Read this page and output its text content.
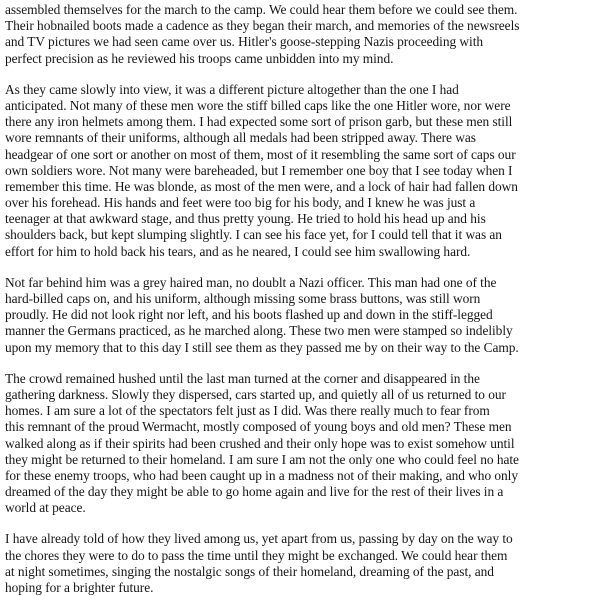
assembled themselves for the march to the camp. We could hear them before we could see them.
Their hobnailed boots made a cadence as they began their march, and memories of the newsreels
and TV pictures we had seen came over us. Hitler's goose-stepping Nazis proceeding with
perfect precision as he reviewed his troops came unbidden into my mind.

As they came slowly into view, it was a different picture altogether than the one I had
anticipated. Not many of these men wore the stiff billed caps like the one Hitler wore, nor were
there any iron helmets among them. I had expected some sort of prison garb, but these men still
wore remnants of their uniforms, although all medals had been stripped away. There was
headgear of one sort or another on most of them, most of it resembling the same sort of caps our
own soldiers wore. Not many were bareheaded, but I remember one boy that I see today when I
remember this time. He was blonde, as most of the men were, and a lock of hair had fallen down
over his forehead. His hands and feet were too big for his body, and I knew he was just a
teenager at that awkward stage, and thus pretty young. He tried to hold his head up and his
shoulders back, but kept slumping slightly. I can see his face yet, for I could tell that it was an
effort for him to hold back his tears, and as he neared, I could see him swallowing hard.

Not far behind him was a grey haired man, no doublt a Nazi officer. This man had one of the
hard-billed caps on, and his uniform, although missing some brass buttons, was still worn
proudly. He did not look right nor left, and his boots flashed up and down in the stiff-legged
manner the Germans practiced, as he marched along. These two men were stamped so indelibly
upon my memory that to this day I still see them as they passed me by on their way to the Camp.

The crowd remained hushed until the last man turned at the corner and disappeared in the
gathering darkness. Slowly they dispersed, cars started up, and quietly all of us returned to our
homes. I am sure a lot of the spectators felt just as I did. Was there really much to fear from
this remnant of the proud Wermacht, mostly composed of young boys and old men? These men
walked along as if their spirits had been crushed and their only hope was to exist somehow until
they might be returned to their homeland. I am sure I am not the only one who could feel no hate
for these enemy troops, who had been caught up in a madness not of their making, and who only
dreamed of the day they might be able to go home again and live for the rest of their lives in a
world at peace.

I have already told of how they lived among us, yet apart from us, passing by day on the way to
the chores they were to do to pass the time until they might be exchanged. We could hear them
at night sometimes, singing the nostalgic songs of their homeland, dreaming of the past, and
hoping for a brighter future.
